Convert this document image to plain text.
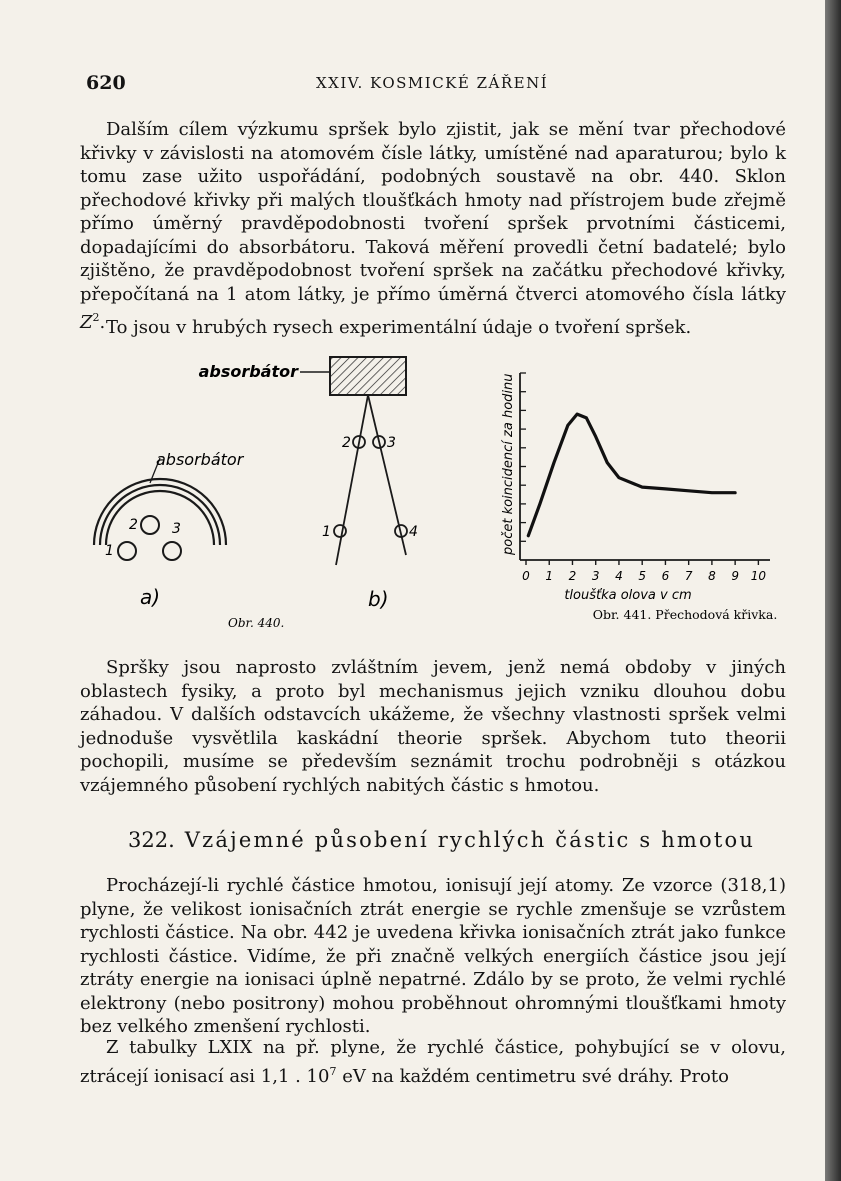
620	XXIV. KOSMICKÉ ZÁŘENÍ

Dalším cílem výzkumu spršek bylo zjistit, jak se mění tvar přechodové křivky v závislosti na atomovém čísle látky, umístěné nad aparaturou; bylo k tomu zase užito uspořádání, podobných soustavě na obr. 440. Sklon přechodové křivky při malých tloušťkách hmoty nad přístrojem bude zřejmě přímo úměrný pravděpodobnosti tvoření spršek prvotními částicemi, dopadajícími do absorbátoru. Taková měření provedli četní badatelé; bylo zjištěno, že pravděpodobnost tvoření spršek na začátku přechodové křivky, přepočítaná na 1 atom látky, je přímo úměrná čtverci atomového čísla látky $Z^2$. To jsou v hrubých rysech experimentální údaje o tvoření spršek.

absorbátor
2
1
3
a)
absorbátor
2	3
1	4
b)
Obr. 440.
počet koincidencí za hodinu
tloušťka olova v cm
0 1 2 3 4 5 6 7 8 9 10
Obr. 441. Přechodová křivka.

Spršky jsou naprosto zvláštním jevem, jenž nemá obdoby v jiných oblastech fysiky, a proto byl mechanismus jejich vzniku dlouhou dobu záhadou. V dalších odstavcích ukážeme, že všechny vlastnosti spršek velmi jednoduše vysvětlila kaskádní theorie spršek. Abychom tuto theorii pochopili, musíme se především seznámit trochu podrobněji s otázkou vzájemného působení rychlých nabitých částic s hmotou.

322. Vzájemné působení rychlých částic s hmotou

Procházejí-li rychlé částice hmotou, ionisují její atomy. Ze vzorce (318,1) plyne, že velikost ionisačních ztrát energie se rychle zmenšuje se vzrůstem rychlosti částice. Na obr. 442 je uvedena křivka ionisačních ztrát jako funkce rychlosti částice. Vidíme, že při značně velkých energiích částice jsou její ztráty energie na ionisaci úplně nepatrné. Zdálo by se proto, že velmi rychlé elektrony (nebo positrony) mohou proběhnout ohromnými tloušťkami hmoty bez velkého zmenšení rychlosti.

Z tabulky LXIX na př. plyne, že rychlé částice, pohybující se v olovu, ztrácejí ionisací asi 1,1 . $10^7$ eV na každém centimetru své dráhy. Proto
